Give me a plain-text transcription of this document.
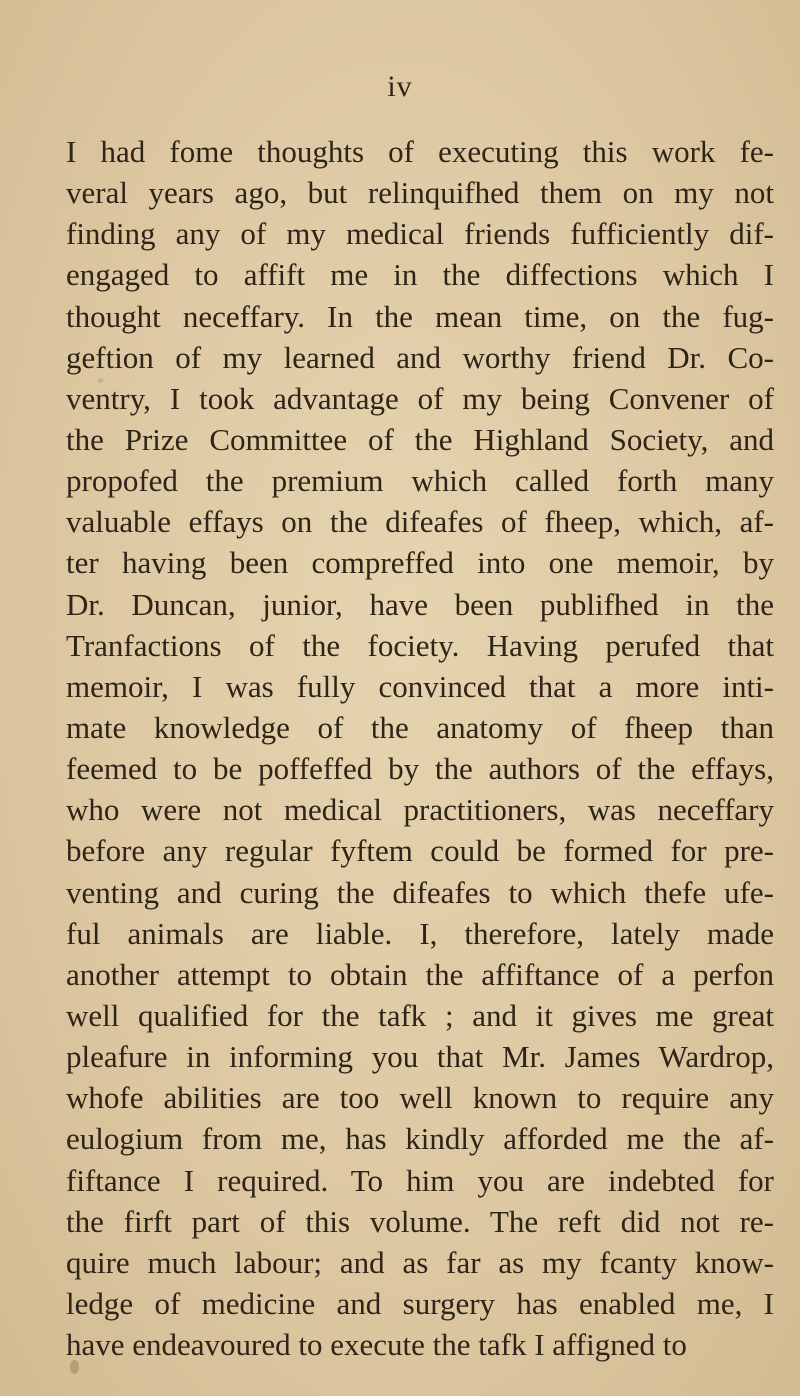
iv
I had fome thoughts of executing this work fe-
veral years ago, but relinquifhed them on my not
finding any of my medical friends fufficiently dif-
engaged to affift me in the diffections which I
thought neceffary. In the mean time, on the fug-
geftion of my learned and worthy friend Dr. Co-
ventry, I took advantage of my being Convener of
the Prize Committee of the Highland Society, and
propofed the premium which called forth many
valuable effays on the difeafes of fheep, which, af-
ter having been compreffed into one memoir, by
Dr. Duncan, junior, have been publifhed in the
Tranfactions of the fociety. Having perufed that
memoir, I was fully convinced that a more inti-
mate knowledge of the anatomy of fheep than
feemed to be poffeffed by the authors of the effays,
who were not medical practitioners, was neceffary
before any regular fyftem could be formed for pre-
venting and curing the difeafes to which thefe ufe-
ful animals are liable. I, therefore, lately made
another attempt to obtain the affiftance of a perfon
well qualified for the tafk ; and it gives me great
pleafure in informing you that Mr. James Wardrop,
whofe abilities are too well known to require any
eulogium from me, has kindly afforded me the af-
fiftance I required. To him you are indebted for
the firft part of this volume. The reft did not re-
quire much labour; and as far as my fcanty know-
ledge of medicine and surgery has enabled me, I
have endeavoured to execute the tafk I affigned to
